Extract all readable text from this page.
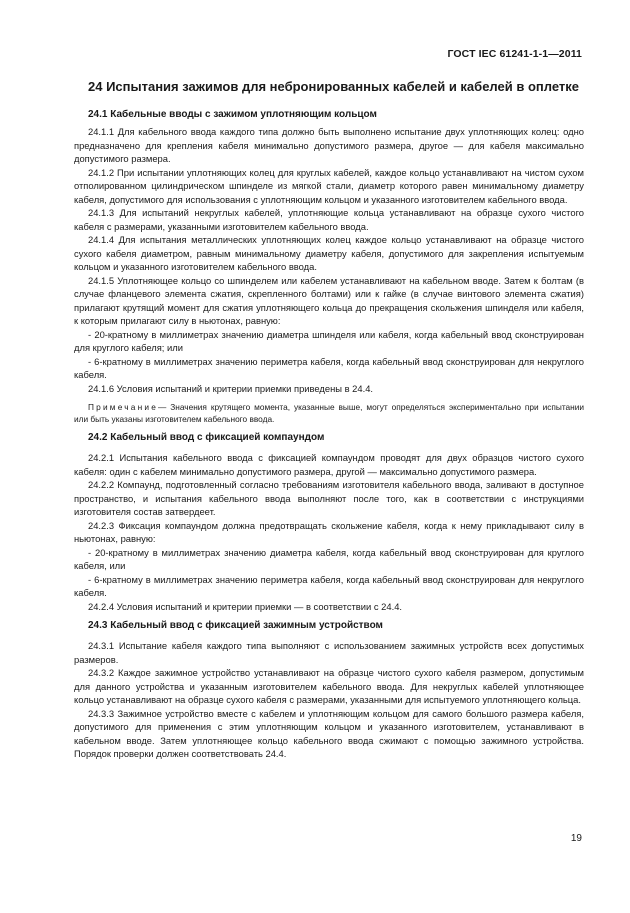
ГОСТ IEC 61241-1-1—2011
24 Испытания зажимов для небронированных кабелей и кабелей в оплетке
24.1 Кабельные вводы с зажимом уплотняющим кольцом

24.1.1 Для кабельного ввода каждого типа должно быть выполнено испытание двух уплотняющих колец: одно предназначено для крепления кабеля минимально допустимого размера, другое — для кабеля максимально допустимого размера.

24.1.2 При испытании уплотняющих колец для круглых кабелей, каждое кольцо устанавливают на чистом сухом отполированном цилиндрическом шпинделе из мягкой стали, диаметр которого равен минимальному диаметру кабеля, допустимого для использования с уплотняющим кольцом и указанного изготовителем кабельного ввода.

24.1.3 Для испытаний некруглых кабелей, уплотняющие кольца устанавливают на образце сухого чистого кабеля с размерами, указанными изготовителем кабельного ввода.

24.1.4 Для испытания металлических уплотняющих колец каждое кольцо устанавливают на образце чистого сухого кабеля диаметром, равным минимальному диаметру кабеля, допустимого для закрепления испытуемым кольцом и указанного изготовителем кабельного ввода.

24.1.5 Уплотняющее кольцо со шпинделем или кабелем устанавливают на кабельном вводе. Затем к болтам (в случае фланцевого элемента сжатия, скрепленного болтами) или к гайке (в случае винтового элемента сжатия) прилагают крутящий момент для сжатия уплотняющего кольца до прекращения скольжения шпинделя или кабеля, к которым прилагают силу в ньютонах, равную:

- 20-кратному в миллиметрах значению диаметра шпинделя или кабеля, когда кабельный ввод сконструирован для круглого кабеля; или

- 6-кратному в миллиметрах значению периметра кабеля, когда кабельный ввод сконструирован для некруглого кабеля.

24.1.6 Условия испытаний и критерии приемки приведены в 24.4.

Примечание— Значения крутящего момента, указанные выше, могут определяться экспериментально при испытании или быть указаны изготовителем кабельного ввода.

24.2 Кабельный ввод с фиксацией компаундом

24.2.1 Испытания кабельного ввода с фиксацией компаундом проводят для двух образцов чистого сухого кабеля: один с кабелем минимально допустимого размера, другой — максимально допустимого размера.

24.2.2 Компаунд, подготовленный согласно требованиям изготовителя кабельного ввода, заливают в доступное пространство, и испытания кабельного ввода выполняют после того, как в соответствии с инструкциями изготовителя состав затвердеет.

24.2.3 Фиксация компаундом должна предотвращать скольжение кабеля, когда к нему прикладывают силу в ньютонах, равную:

- 20-кратному в миллиметрах значению диаметра кабеля, когда кабельный ввод сконструирован для круглого кабеля, или

- 6-кратному в миллиметрах значению периметра кабеля, когда кабельный ввод сконструирован для некруглого кабеля.

24.2.4 Условия испытаний и критерии приемки — в соответствии с 24.4.

24.3 Кабельный ввод с фиксацией зажимным устройством

24.3.1 Испытание кабеля каждого типа выполняют с использованием зажимных устройств всех допустимых размеров.

24.3.2 Каждое зажимное устройство устанавливают на образце чистого сухого кабеля размером, допустимым для данного устройства и указанным изготовителем кабельного ввода. Для некруглых кабелей уплотняющее кольцо устанавливают на образце сухого кабеля с размерами, указанными для испытуемого уплотняющего кольца.

24.3.3 Зажимное устройство вместе с кабелем и уплотняющим кольцом для самого большого размера кабеля, допустимого для применения с этим уплотняющим кольцом и указанного изготовителем, устанавливают в кабельном вводе. Затем уплотняющее кольцо кабельного ввода сжимают с помощью зажимного устройства. Порядок проверки должен соответствовать 24.4.

19
